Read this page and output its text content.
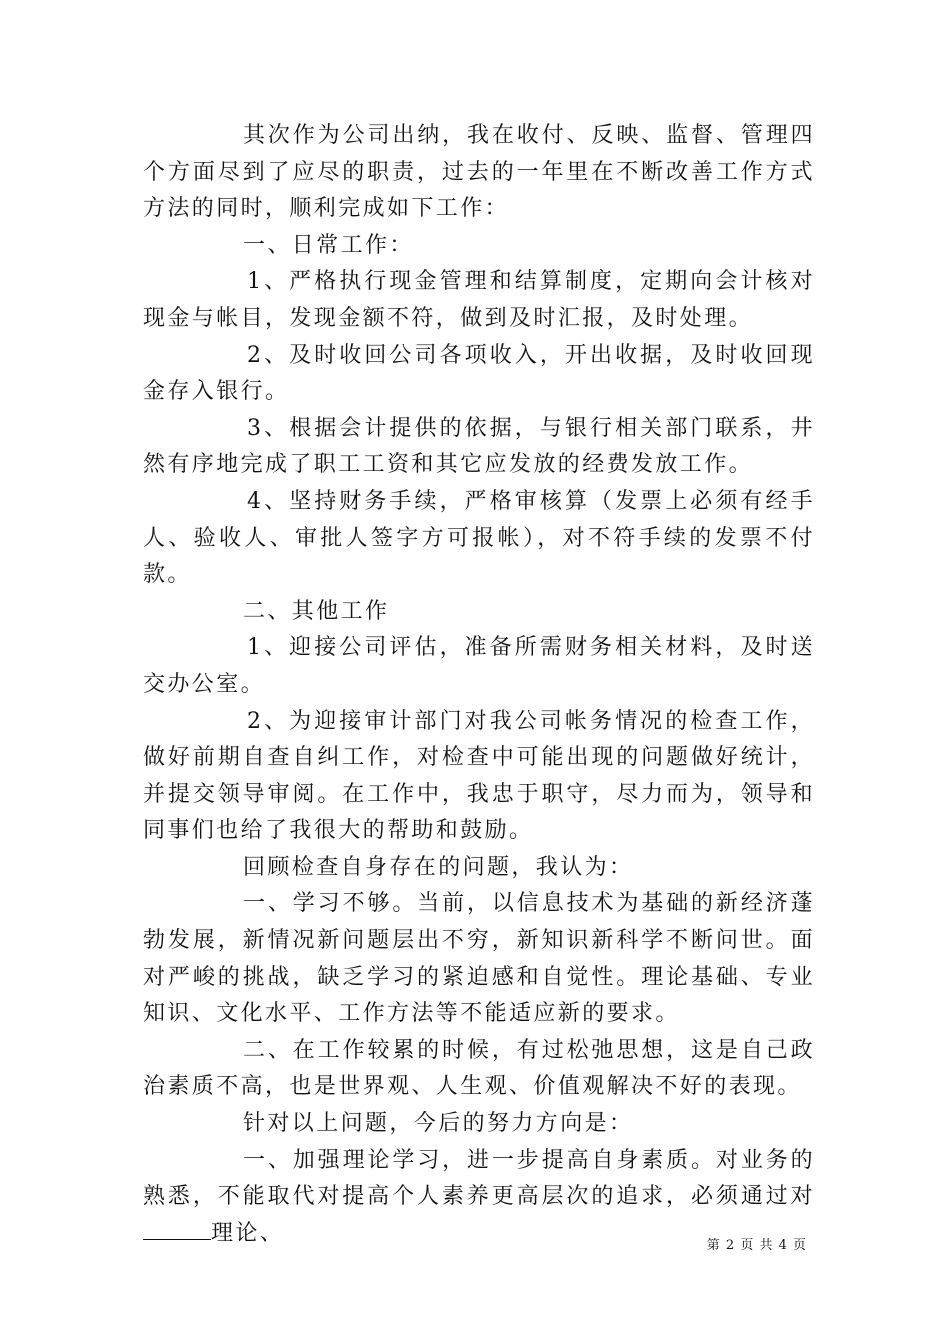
其次作为公司出纳，我在收付、反映、监督、管理四个方面尽到了应尽的职责，过去的一年里在不断改善工作方式方法的同时，顺利完成如下工作：

一、日常工作：

1、严格执行现金管理和结算制度，定期向会计核对现金与帐目，发现金额不符，做到及时汇报，及时处理。

2、及时收回公司各项收入，开出收据，及时收回现金存入银行。

3、根据会计提供的依据，与银行相关部门联系，井然有序地完成了职工工资和其它应发放的经费发放工作。

4、坚持财务手续，严格审核算（发票上必须有经手人、验收人、审批人签字方可报帐），对不符手续的发票不付款。

二、其他工作

1、迎接公司评估，准备所需财务相关材料，及时送交办公室。

2、为迎接审计部门对我公司帐务情况的检查工作，做好前期自查自纠工作，对检查中可能出现的问题做好统计，并提交领导审阅。在工作中，我忠于职守，尽力而为，领导和同事们也给了我很大的帮助和鼓励。

回顾检查自身存在的问题，我认为：

一、学习不够。当前，以信息技术为基础的新经济蓬勃发展，新情况新问题层出不穷，新知识新科学不断问世。面对严峻的挑战，缺乏学习的紧迫感和自觉性。理论基础、专业知识、文化水平、工作方法等不能适应新的要求。

二、在工作较累的时候，有过松弛思想，这是自己政治素质不高，也是世界观、人生观、价值观解决不好的表现。

针对以上问题，今后的努力方向是：

一、加强理论学习，进一步提高自身素质。对业务的熟悉，不能取代对提高个人素养更高层次的追求，必须通过对理论、	第 2 页 共 4 页
